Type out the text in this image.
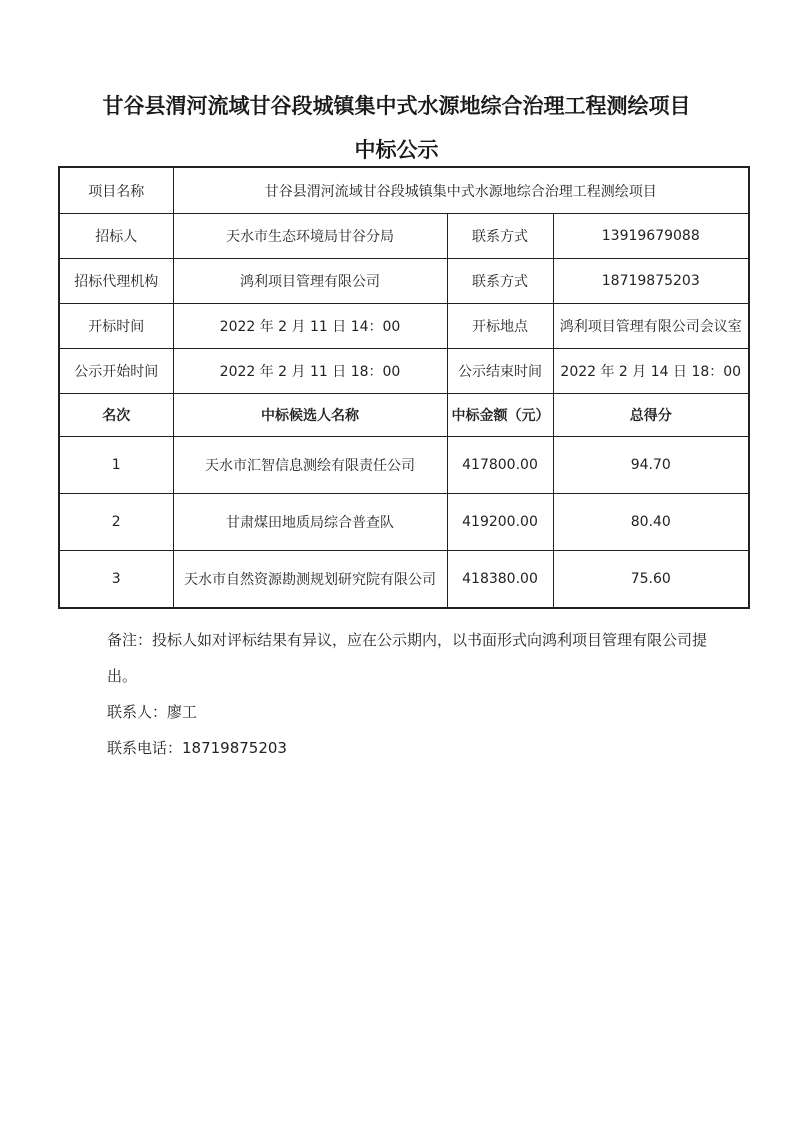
甘谷县渭河流域甘谷段城镇集中式水源地综合治理工程测绘项目
中标公示
项目名称	甘谷县渭河流域甘谷段城镇集中式水源地综合治理工程测绘项目		
招标人	天水市生态环境局甘谷分局	联系方式	13919679088
招标代理机构	鸿利项目管理有限公司	联系方式	18719875203
开标时间	2022 年 2 月 11 日 14：00	开标地点	鸿利项目管理有限公司会议室
公示开始时间	2022 年 2 月 11 日 18：00	公示结束时间	2022 年 2 月 14 日 18：00
名次	中标候选人名称	中标金额（元）	总得分
1	天水市汇智信息测绘有限责任公司	417800.00	94.70
2	甘肃煤田地质局综合普查队	419200.00	80.40
3	天水市自然资源勘测规划研究院有限公司	418380.00	75.60

备注：投标人如对评标结果有异议，应在公示期内，以书面形式向鸿利项目管理有限公司提出。

联系人：廖工

联系电话：18719875203
